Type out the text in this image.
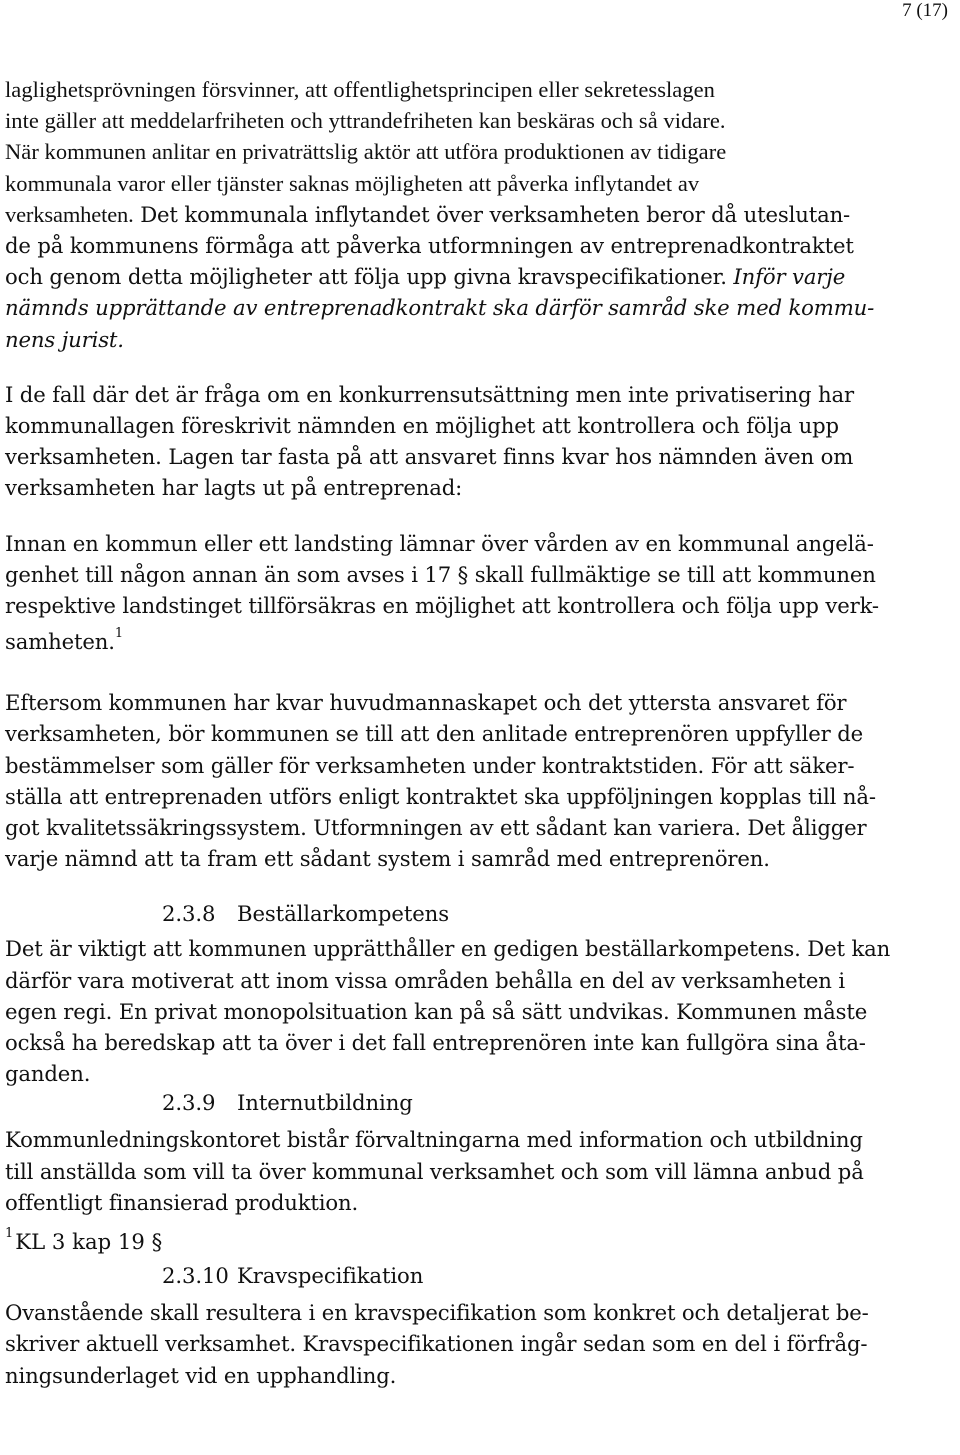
7 (17)
laglighetsprövningen försvinner, att offentlighetsprincipen eller sekretesslagen
inte gäller att meddelarfriheten och yttrandefriheten kan beskäras och så vidare.
När kommunen anlitar en privaträttslig aktör att utföra produktionen av tidigare
kommunala varor eller tjänster saknas möjligheten att påverka inflytandet av
verksamheten. Det kommunala inflytandet över verksamheten beror då uteslutan-
de på kommunens förmåga att påverka utformningen av entreprenadkontraktet
och genom detta möjligheter att följa upp givna kravspecifikationer. Inför varje
nämnds upprättande av entreprenadkontrakt ska därför samråd ske med kommu-
nens jurist.
I de fall där det är fråga om en konkurrensutsättning men inte privatisering har
kommunallagen föreskrivit nämnden en möjlighet att kontrollera och följa upp
verksamheten. Lagen tar fasta på att ansvaret finns kvar hos nämnden även om
verksamheten har lagts ut på entreprenad:
Innan en kommun eller ett landsting lämnar över vården av en kommunal angelä-
genhet till någon annan än som avses i 17 § skall fullmäktige se till att kommunen
respektive landstinget tillförsäkras en möjlighet att kontrollera och följa upp verk-
samheten.$^1$
Eftersom kommunen har kvar huvudmannaskapet och det yttersta ansvaret för
verksamheten, bör kommunen se till att den anlitade entreprenören uppfyller de
bestämmelser som gäller för verksamheten under kontraktstiden. För att säker-
ställa att entreprenaden utförs enligt kontraktet ska uppföljningen kopplas till nå-
got kvalitetssäkringssystem. Utformningen av ett sådant kan variera. Det åligger
varje nämnd att ta fram ett sådant system i samråd med entreprenören.
2.3.8 Beställarkompetens
Det är viktigt att kommunen upprätthåller en gedigen beställarkompetens. Det kan
därför vara motiverat att inom vissa områden behålla en del av verksamheten i
egen regi. En privat monopolsituation kan på så sätt undvikas. Kommunen måste
också ha beredskap att ta över i det fall entreprenören inte kan fullgöra sina åta-
ganden.
2.3.9 Internutbildning
Kommunledningskontoret bistår förvaltningarna med information och utbildning
till anställda som vill ta över kommunal verksamhet och som vill lämna anbud på
offentligt finansierad produktion.
$^1$KL 3 kap 19 §
2.3.10 Kravspecifikation
Ovanstående skall resultera i en kravspecifikation som konkret och detaljerat be-
skriver aktuell verksamhet. Kravspecifikationen ingår sedan som en del i förfråg-
ningsunderlaget vid en upphandling.
